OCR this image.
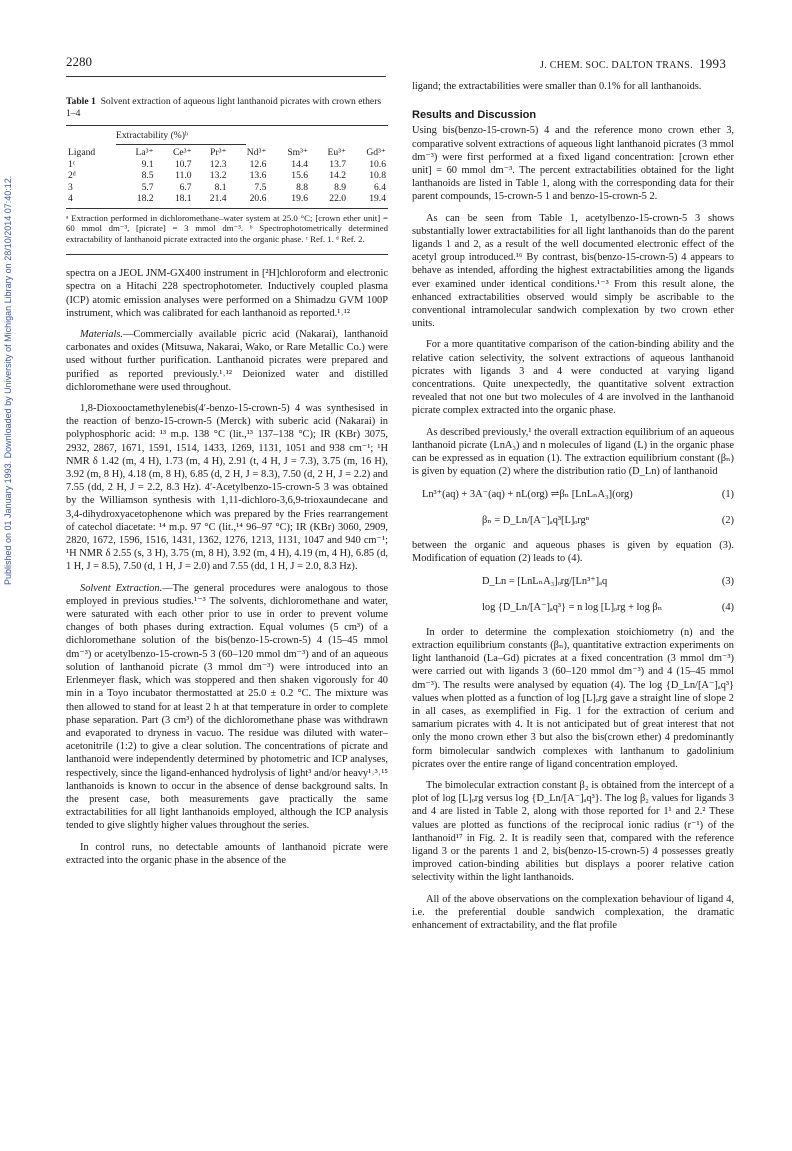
Published on 01 January 1993. Downloaded by University of Michigan Library on 28/10/2014 07:40:12.
2280	J. CHEM. SOC. DALTON TRANS. 1993
Table 1 Solvent extraction of aqueous light lanthanoid picrates with crown ethers 1–4
Extractability (%)ᵇ
Ligand	La³⁺	Ce³⁺	Pr³⁺	Nd³⁺	Sm³⁺	Eu³⁺	Gd³⁺
1ᶜ	9.1	10.7	12.3	12.6	14.4	13.7	10.6
2ᵈ	8.5	11.0	13.2	13.6	15.6	14.2	10.8
3	5.7	6.7	8.1	7.5	8.8	8.9	6.4
4	18.2	18.1	21.4	20.6	19.6	22.0	19.4

ᵃ Extraction performed in dichloromethane–water system at 25.0 °C; [crown ether unit] = 60 mmol dm⁻³, [picrate] = 3 mmol dm⁻³. ᵇ Spectrophotometrically determined extractability of lanthanoid picrate extracted into the organic phase. ᶜ Ref. 1. ᵈ Ref. 2.

spectra on a JEOL JNM-GX400 instrument in [²H]chloroform and electronic spectra on a Hitachi 228 spectrophotometer. Inductively coupled plasma (ICP) atomic emission analyses were performed on a Shimadzu GVM 100P instrument, which was calibrated for each lanthanoid as reported.¹˒¹²

Materials.—Commercially available picric acid (Nakarai), lanthanoid carbonates and oxides (Mitsuwa, Nakarai, Wako, or Rare Metallic Co.) were used without further purification. Lanthanoid picrates were prepared and purified as reported previously.¹˒¹² Deionized water and distilled dichloromethane were used throughout.

1,8-Dioxooctamethylenebis(4′-benzo-15-crown-5) 4 was synthesised in the reaction of benzo-15-crown-5 (Merck) with suberic acid (Nakarai) in polyphosphoric acid: ¹³ m.p. 138 °C (lit.,¹³ 137–138 °C); IR (KBr) 3075, 2932, 2867, 1671, 1591, 1514, 1433, 1269, 1131, 1051 and 938 cm⁻¹; ¹H NMR δ 1.42 (m, 4 H), 1.73 (m, 4 H), 2.91 (t, 4 H, J = 7.3), 3.75 (m, 16 H), 3.92 (m, 8 H), 4.18 (m, 8 H), 6.85 (d, 2 H, J = 8.3), 7.50 (d, 2 H, J = 2.2) and 7.55 (dd, 2 H, J = 2.2, 8.3 Hz). 4′-Acetylbenzo-15-crown-5 3 was obtained by the Williamson synthesis with 1,11-dichloro-3,6,9-trioxaundecane and 3,4-dihydroxyacetophenone which was prepared by the Fries rearrangement of catechol diacetate: ¹⁴ m.p. 97 °C (lit.,¹⁴ 96–97 °C); IR (KBr) 3060, 2909, 2820, 1672, 1596, 1516, 1431, 1362, 1276, 1213, 1131, 1047 and 940 cm⁻¹; ¹H NMR δ 2.55 (s, 3 H), 3.75 (m, 8 H), 3.92 (m, 4 H), 4.19 (m, 4 H), 6.85 (d, 1 H, J = 8.5), 7.50 (d, 1 H, J = 2.0) and 7.55 (dd, 1 H, J = 2.0, 8.3 Hz).

Solvent Extraction.—The general procedures were analogous to those employed in previous studies.¹⁻³ The solvents, dichloromethane and water, were saturated with each other prior to use in order to prevent volume changes of both phases during extraction. Equal volumes (5 cm³) of a dichloromethane solution of the bis(benzo-15-crown-5) 4 (15–45 mmol dm⁻³) or acetylbenzo-15-crown-5 3 (60–120 mmol dm⁻³) and of an aqueous solution of lanthanoid picrate (3 mmol dm⁻³) were introduced into an Erlenmeyer flask, which was stoppered and then shaken vigorously for 40 min in a Toyo incubator thermostatted at 25.0 ± 0.2 °C. The mixture was then allowed to stand for at least 2 h at that temperature in order to complete phase separation. Part (3 cm³) of the dichloromethane phase was withdrawn and evaporated to dryness in vacuo. The residue was diluted with water–acetonitrile (1:2) to give a clear solution. The concentrations of picrate and lanthanoid were independently determined by photometric and ICP analyses, respectively, since the ligand-enhanced hydrolysis of light³ and/or heavy¹˒³˒¹⁵ lanthanoids is known to occur in the absence of dense background salts. In the present case, both measurements gave practically the same extractabilities for all light lanthanoids employed, although the ICP analysis tended to give slightly higher values throughout the series.

In control runs, no detectable amounts of lanthanoid picrate were extracted into the organic phase in the absence of the

ligand; the extractabilities were smaller than 0.1% for all lanthanoids.

Results and Discussion

Using bis(benzo-15-crown-5) 4 and the reference mono crown ether 3, comparative solvent extractions of aqueous light lanthanoid picrates (3 mmol dm⁻³) were first performed at a fixed ligand concentration: [crown ether unit] = 60 mmol dm⁻³. The percent extractabilities obtained for the light lanthanoids are listed in Table 1, along with the corresponding data for their parent compounds, 15-crown-5 1 and benzo-15-crown-5 2.

As can be seen from Table 1, acetylbenzo-15-crown-5 3 shows substantially lower extractabilities for all light lanthanoids than do the parent ligands 1 and 2, as a result of the well documented electronic effect of the acetyl group introduced.¹⁶ By contrast, bis(benzo-15-crown-5) 4 appears to behave as intended, affording the highest extractabilities among the ligands ever examined under identical conditions.¹⁻³ From this result alone, the enhanced extractabilities observed would simply be ascribable to the conventional intramolecular sandwich complexation by two crown ether units.

For a more quantitative comparison of the cation-binding ability and the relative cation selectivity, the solvent extractions of aqueous lanthanoid picrates with ligands 3 and 4 were conducted at varying ligand concentrations. Quite unexpectedly, the quantitative solvent extraction revealed that not one but two molecules of 4 are involved in the lanthanoid picrate complex extracted into the organic phase.

As described previously,¹ the overall extraction equilibrium of an aqueous lanthanoid picrate (LnA₃) and n molecules of ligand (L) in the organic phase can be expressed as in equation (1). The extraction equilibrium constant (βₙ) is given by equation (2) where the distribution ratio (D_Ln) of lanthanoid

Ln³⁺(aq) + 3A⁻(aq) + nL(org) ⇌βₙ [LnLₙA₃](org)	(1)
βₙ = D_Ln/[A⁻]ₐq³[L]ₒrgⁿ	(2)

between the organic and aqueous phases is given by equation (3). Modification of equation (2) leads to (4).

D_Ln = [LnLₙA₃]ₒrg/[Ln³⁺]ₐq	(3)
log {D_Ln/[A⁻]ₐq³} = n log [L]ₒrg + log βₙ	(4)

In order to determine the complexation stoichiometry (n) and the extraction equilibrium constants (βₙ), quantitative extraction experiments on light lanthanoid (La–Gd) picrates at a fixed concentration (3 mmol dm⁻³) were carried out with ligands 3 (60–120 mmol dm⁻³) and 4 (15–45 mmol dm⁻³). The results were analysed by equation (4). The log {D_Ln/[A⁻]ₐq³} values when plotted as a function of log [L]ₒrg gave a straight line of slope 2 in all cases, as exemplified in Fig. 1 for the extraction of cerium and samarium picrates with 4. It is not anticipated but of great interest that not only the mono crown ether 3 but also the bis(crown ether) 4 predominantly form bimolecular sandwich complexes with lanthanum to gadolinium picrates over the entire range of ligand concentration employed.

The bimolecular extraction constant β₂ is obtained from the intercept of a plot of log [L]ₒrg versus log {D_Ln/[A⁻]ₐq³}. The log β₂ values for ligands 3 and 4 are listed in Table 2, along with those reported for 1¹ and 2.² These values are plotted as functions of the reciprocal ionic radius (r⁻¹) of the lanthanoid¹⁷ in Fig. 2. It is readily seen that, compared with the reference ligand 3 or the parents 1 and 2, bis(benzo-15-crown-5) 4 possesses greatly improved cation-binding abilities but displays a poorer relative cation selectivity within the light lanthanoids.

All of the above observations on the complexation behaviour of ligand 4, i.e. the preferential double sandwich complexation, the dramatic enhancement of extractability, and the flat profile
